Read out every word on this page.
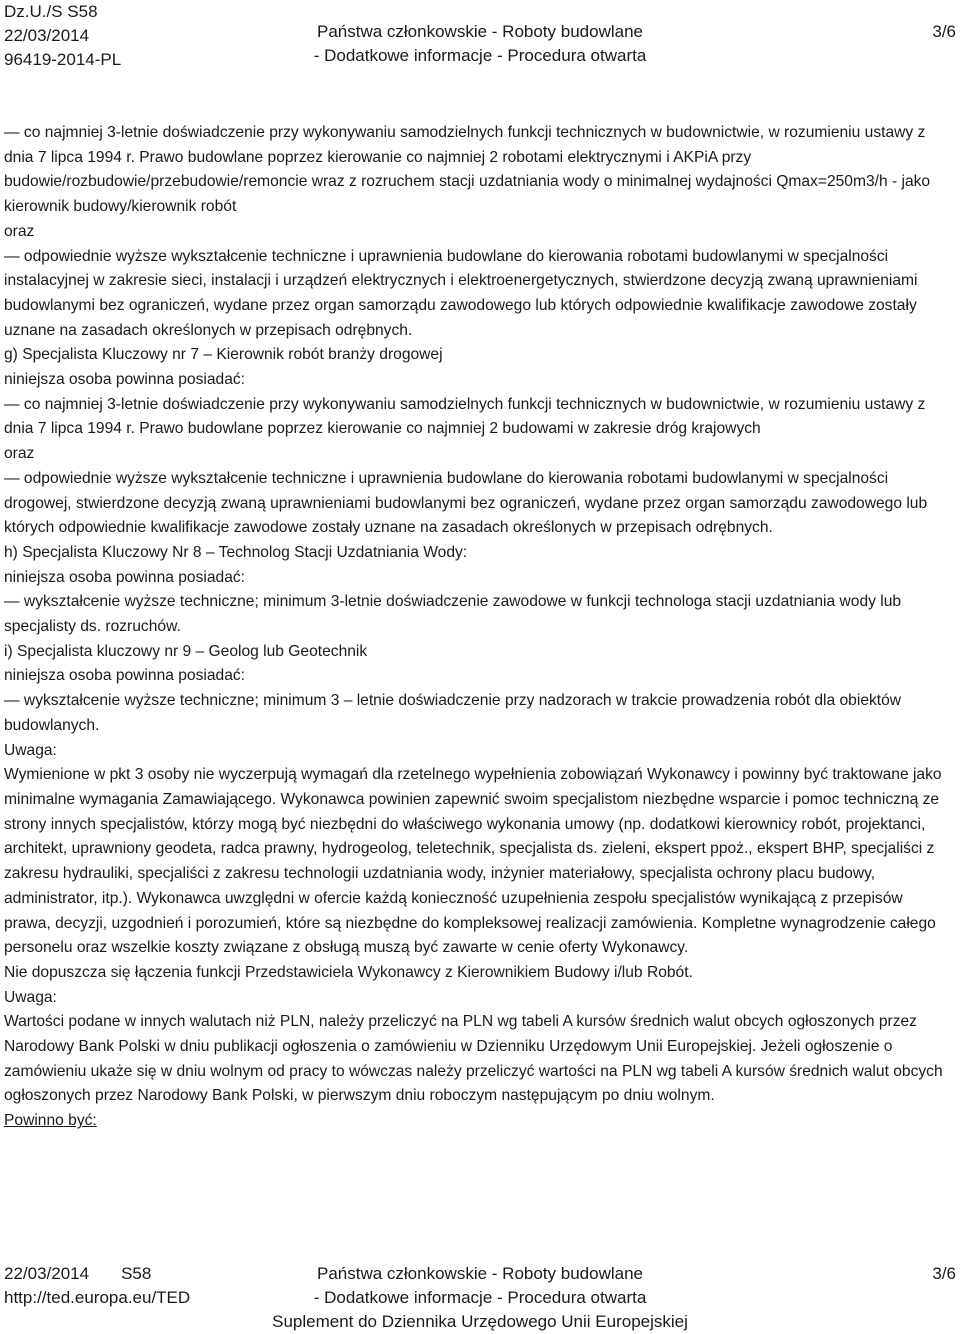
Dz.U./S S58
22/03/2014
96419-2014-PL
Państwa członkowskie - Roboty budowlane
- Dodatkowe informacje - Procedura otwarta
3/6

— co najmniej 3-letnie doświadczenie przy wykonywaniu samodzielnych funkcji technicznych w budownictwie, w rozumieniu ustawy z dnia 7 lipca 1994 r. Prawo budowlane poprzez kierowanie co najmniej 2 robotami elektrycznymi i AKPiA przy budowie/rozbudowie/przebudowie/remoncie wraz z rozruchem stacji uzdatniania wody o minimalnej wydajności Qmax=250m3/h - jako kierownik budowy/kierownik robót

oraz

— odpowiednie wyższe wykształcenie techniczne i uprawnienia budowlane do kierowania robotami budowlanymi w specjalności instalacyjnej w zakresie sieci, instalacji i urządzeń elektrycznych i elektroenergetycznych, stwierdzone decyzją zwaną uprawnieniami budowlanymi bez ograniczeń, wydane przez organ samorządu zawodowego lub których odpowiednie kwalifikacje zawodowe zostały uznane na zasadach określonych w przepisach odrębnych.

g) Specjalista Kluczowy nr 7 – Kierownik robót branży drogowej

niniejsza osoba powinna posiadać:

— co najmniej 3-letnie doświadczenie przy wykonywaniu samodzielnych funkcji technicznych w budownictwie, w rozumieniu ustawy z dnia 7 lipca 1994 r. Prawo budowlane poprzez kierowanie co najmniej 2 budowami w zakresie dróg krajowych

oraz

— odpowiednie wyższe wykształcenie techniczne i uprawnienia budowlane do kierowania robotami budowlanymi w specjalności drogowej, stwierdzone decyzją zwaną uprawnieniami budowlanymi bez ograniczeń, wydane przez organ samorządu zawodowego lub których odpowiednie kwalifikacje zawodowe zostały uznane na zasadach określonych w przepisach odrębnych.

h) Specjalista Kluczowy Nr 8 – Technolog Stacji Uzdatniania Wody:

niniejsza osoba powinna posiadać:

— wykształcenie wyższe techniczne; minimum 3-letnie doświadczenie zawodowe w funkcji technologa stacji uzdatniania wody lub specjalisty ds. rozruchów.

i) Specjalista kluczowy nr 9 – Geolog lub Geotechnik

niniejsza osoba powinna posiadać:

— wykształcenie wyższe techniczne; minimum 3 – letnie doświadczenie przy nadzorach w trakcie prowadzenia robót dla obiektów budowlanych.

Uwaga:

Wymienione w pkt 3 osoby nie wyczerpują wymagań dla rzetelnego wypełnienia zobowiązań Wykonawcy i powinny być traktowane jako minimalne wymagania Zamawiającego. Wykonawca powinien zapewnić swoim specjalistom niezbędne wsparcie i pomoc techniczną ze strony innych specjalistów, którzy mogą być niezbędni do właściwego wykonania umowy (np. dodatkowi kierownicy robót, projektanci, architekt, uprawniony geodeta, radca prawny, hydrogeolog, teletechnik, specjalista ds. zieleni, ekspert ppoż., ekspert BHP, specjaliści z zakresu hydrauliki, specjaliści z zakresu technologii uzdatniania wody, inżynier materiałowy, specjalista ochrony placu budowy, administrator, itp.). Wykonawca uwzględni w ofercie każdą konieczność uzupełnienia zespołu specjalistów wynikającą z przepisów prawa, decyzji, uzgodnień i porozumień, które są niezbędne do kompleksowej realizacji zamówienia. Kompletne wynagrodzenie całego personelu oraz wszelkie koszty związane z obsługą muszą być zawarte w cenie oferty Wykonawcy.

Nie dopuszcza się łączenia funkcji Przedstawiciela Wykonawcy z Kierownikiem Budowy i/lub Robót.

Uwaga:

Wartości podane w innych walutach niż PLN, należy przeliczyć na PLN wg tabeli A kursów średnich walut obcych ogłoszonych przez Narodowy Bank Polski w dniu publikacji ogłoszenia o zamówieniu w Dzienniku Urzędowym Unii Europejskiej. Jeżeli ogłoszenie o zamówieniu ukaże się w dniu wolnym od pracy to wówczas należy przeliczyć wartości na PLN wg tabeli A kursów średnich walut obcych ogłoszonych przez Narodowy Bank Polski, w pierwszym dniu roboczym następującym po dniu wolnym.

Powinno być:

22/03/2014 S58
http://ted.europa.eu/TED
Państwa członkowskie - Roboty budowlane
- Dodatkowe informacje - Procedura otwarta
Suplement do Dziennika Urzędowego Unii Europejskiej
3/6
